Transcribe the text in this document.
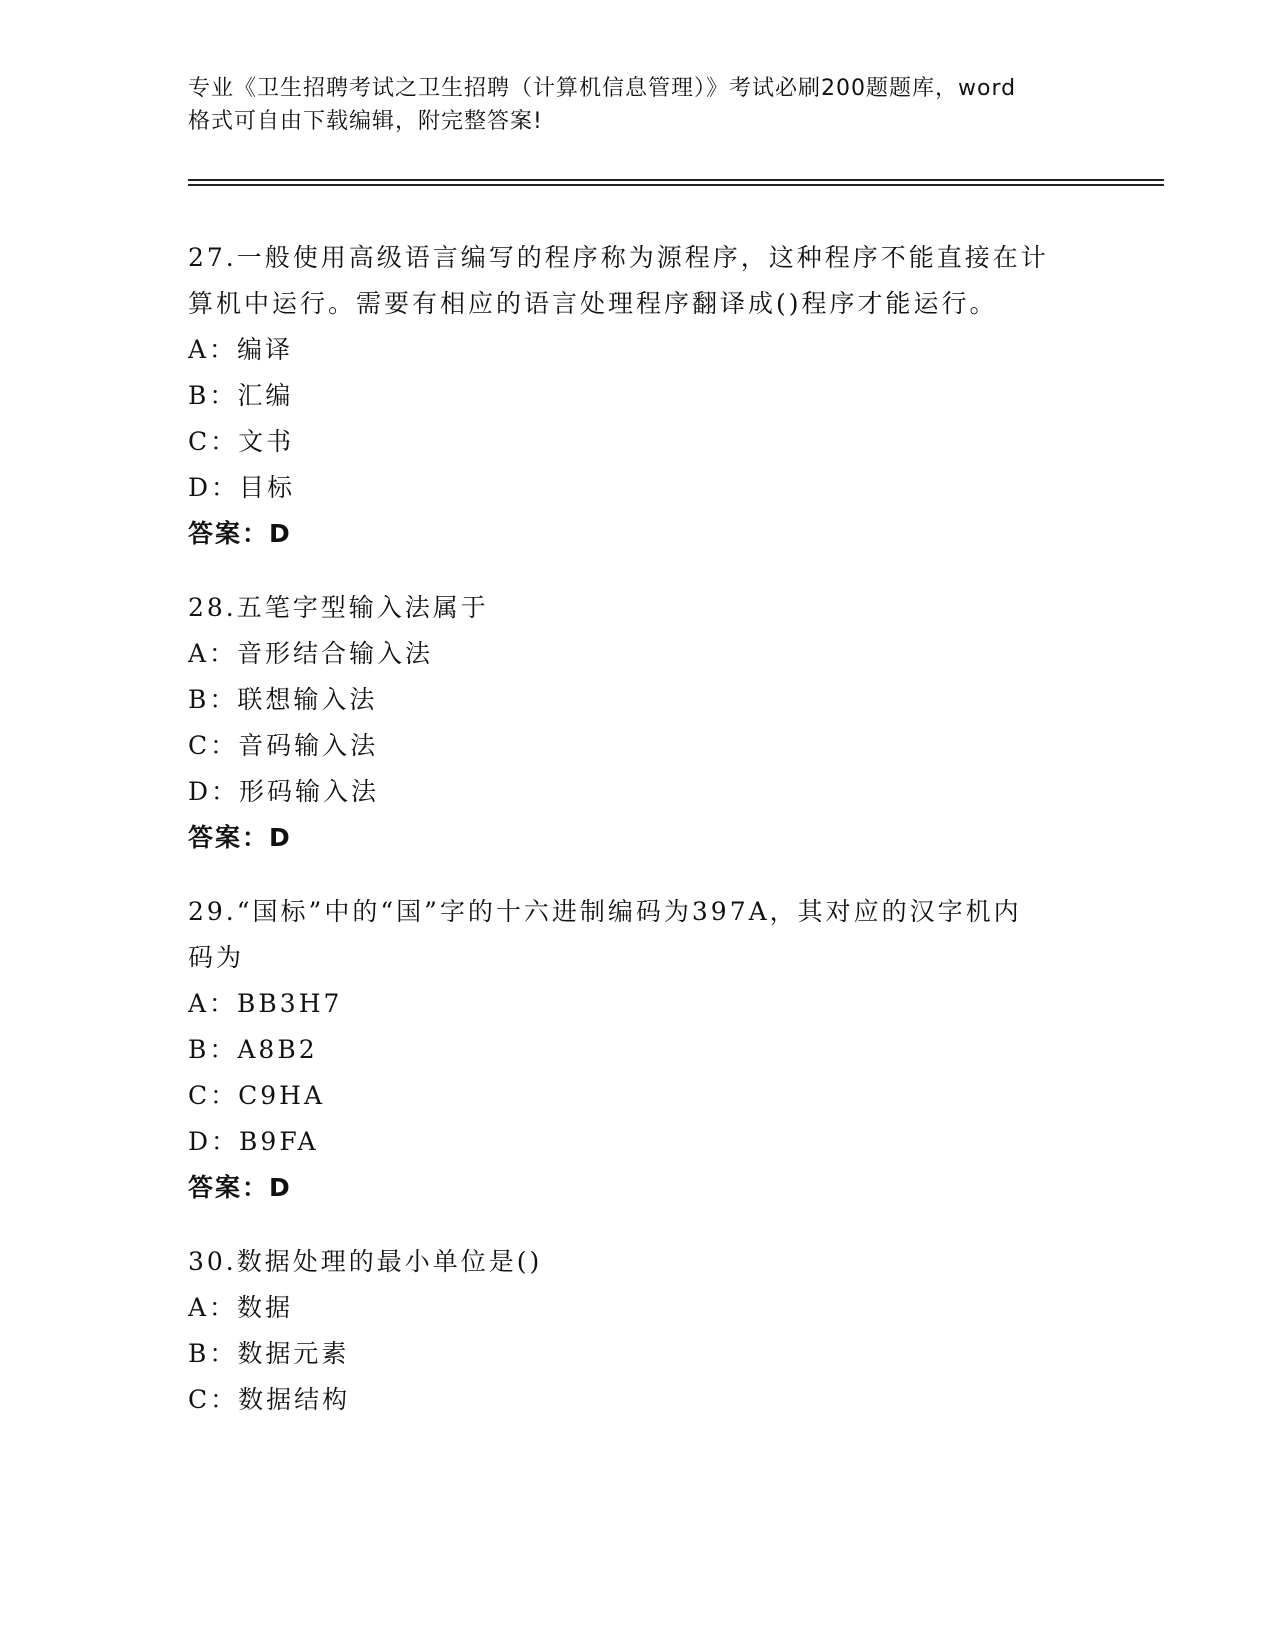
专业《卫生招聘考试之卫生招聘（计算机信息管理）》考试必刷200题题库，word
格式可自由下载编辑，附完整答案!
27.一般使用高级语言编写的程序称为源程序，这种程序不能直接在计
算机中运行。需要有相应的语言处理程序翻译成()程序才能运行。
A：编译
B：汇编
C：文书
D：目标
答案：D
28.五笔字型输入法属于
A：音形结合输入法
B：联想输入法
C：音码输入法
D：形码输入法
答案：D
29.“国标”中的“国”字的十六进制编码为397A，其对应的汉字机内
码为
A：BB3H7
B：A8B2
C：C9HA
D：B9FA
答案：D
30.数据处理的最小单位是()
A：数据
B：数据元素
C：数据结构
